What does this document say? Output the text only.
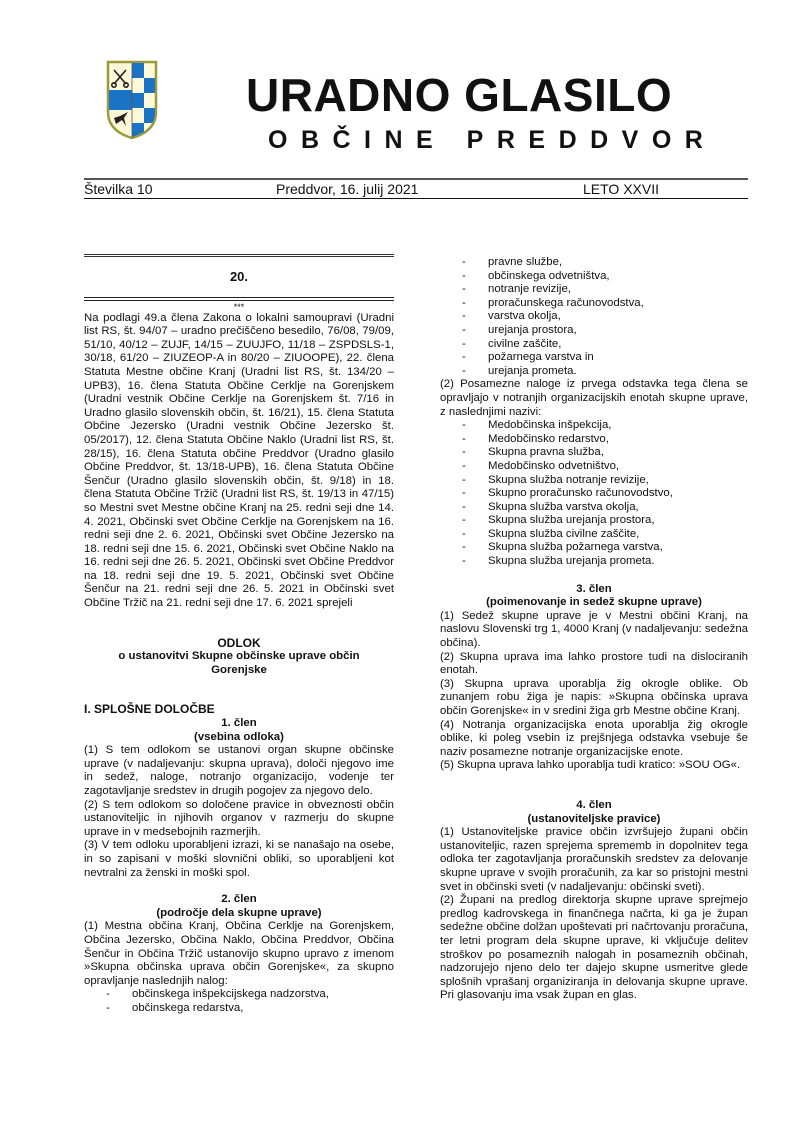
URADNO GLASILO
OBČINE PREDDVOR
Številka 10	Preddvor, 16. julij 2021	LETO XXVII
20.
***

Na podlagi 49.a člena Zakona o lokalni samoupravi (Uradni list RS, št. 94/07 – uradno prečiščeno besedilo, 76/08, 79/09, 51/10, 40/12 – ZUJF, 14/15 – ZUUJFO, 11/18 – ZSPDSLS-1, 30/18, 61/20 – ZIUZEOP-A in 80/20 – ZIUOOPE), 22. člena Statuta Mestne občine Kranj (Uradni list RS, št. 134/20 – UPB3), 16. člena Statuta Občine Cerklje na Gorenjskem (Uradni vestnik Občine Cerklje na Gorenjskem št. 7/16 in Uradno glasilo slovenskih občin, št. 16/21), 15. člena Statuta Občine Jezersko (Uradni vestnik Občine Jezersko št. 05/2017), 12. člena Statuta Občine Naklo (Uradni list RS, št. 28/15), 16. člena Statuta občine Preddvor (Uradno glasilo Občine Preddvor, št. 13/18-UPB), 16. člena Statuta Občine Šenčur (Uradno glasilo slovenskih občin, št. 9/18) in 18. člena Statuta Občine Tržič (Uradni list RS, št. 19/13 in 47/15) so Mestni svet Mestne občine Kranj na 25. redni seji dne 14. 4. 2021, Občinski svet Občine Cerklje na Gorenjskem na 16. redni seji dne 2. 6. 2021, Občinski svet Občine Jezersko na 18. redni seji dne 15. 6. 2021, Občinski svet Občine Naklo na 16. redni seji dne 26. 5. 2021, Občinski svet Občine Preddvor na 18. redni seji dne 19. 5. 2021, Občinski svet Občine Šenčur na 21. redni seji dne 26. 5. 2021 in Občinski svet Občine Tržič na 21. redni seji dne 17. 6. 2021 sprejeli

ODLOK

o ustanovitvi Skupne občinske uprave občin Gorenjske

I. SPLOŠNE DOLOČBE

1. člen

(vsebina odloka)

(1) S tem odlokom se ustanovi organ skupne občinske uprave (v nadaljevanju: skupna uprava), določi njegovo ime in sedež, naloge, notranjo organizacijo, vodenje ter zagotavljanje sredstev in drugih pogojev za njegovo delo.

(2) S tem odlokom so določene pravice in obveznosti občin ustanoviteljic in njihovih organov v razmerju do skupne uprave in v medsebojnih razmerjih.

(3) V tem odloku uporabljeni izrazi, ki se nanašajo na osebe, in so zapisani v moški slovnični obliki, so uporabljeni kot nevtralni za ženski in moški spol.

2. člen

(področje dela skupne uprave)

(1) Mestna občina Kranj, Občina Cerklje na Gorenjskem, Občina Jezersko, Občina Naklo, Občina Preddvor, Občina Šenčur in Občina Tržič ustanovijo skupno upravo z imenom »Skupna občinska uprava občin Gorenjske«, za skupno opravljanje naslednjih nalog:

- občinskega inšpekcijskega nadzorstva,
- občinskega redarstva,
- pravne službe,
- občinskega odvetništva,
- notranje revizije,
- proračunskega računovodstva,
- varstva okolja,
- urejanja prostora,
- civilne zaščite,
- požarnega varstva in
- urejanja prometa.

(2) Posamezne naloge iz prvega odstavka tega člena se opravljajo v notranjih organizacijskih enotah skupne uprave, z naslednjimi nazivi:

- Medobčinska inšpekcija,
- Medobčinsko redarstvo,
- Skupna pravna služba,
- Medobčinsko odvetništvo,
- Skupna služba notranje revizije,
- Skupno proračunsko računovodstvo,
- Skupna služba varstva okolja,
- Skupna služba urejanja prostora,
- Skupna služba civilne zaščite,
- Skupna služba požarnega varstva,
- Skupna služba urejanja prometa.

3. člen

(poimenovanje in sedež skupne uprave)

(1) Sedež skupne uprave je v Mestni občini Kranj, na naslovu Slovenski trg 1, 4000 Kranj (v nadaljevanju: sedežna občina).

(2) Skupna uprava ima lahko prostore tudi na dislociranih enotah.

(3) Skupna uprava uporablja žig okrogle oblike. Ob zunanjem robu žiga je napis: »Skupna občinska uprava občin Gorenjske« in v sredini žiga grb Mestne občine Kranj.

(4) Notranja organizacijska enota uporablja žig okrogle oblike, ki poleg vsebin iz prejšnjega odstavka vsebuje še naziv posamezne notranje organizacijske enote.

(5) Skupna uprava lahko uporablja tudi kratico: »SOU OG«.

4. člen

(ustanoviteljske pravice)

(1) Ustanoviteljske pravice občin izvršujejo župani občin ustanoviteljic, razen sprejema sprememb in dopolnitev tega odloka ter zagotavljanja proračunskih sredstev za delovanje skupne uprave v svojih proračunih, za kar so pristojni mestni svet in občinski sveti (v nadaljevanju: občinski sveti).

(2) Župani na predlog direktorja skupne uprave sprejmejo predlog kadrovskega in finančnega načrta, ki ga je župan sedežne občine dolžan upoštevati pri načrtovanju proračuna, ter letni program dela skupne uprave, ki vključuje delitev stroškov po posameznih nalogah in posameznih občinah, nadzorujejo njeno delo ter dajejo skupne usmeritve glede splošnih vprašanj organiziranja in delovanja skupne uprave. Pri glasovanju ima vsak župan en glas.
